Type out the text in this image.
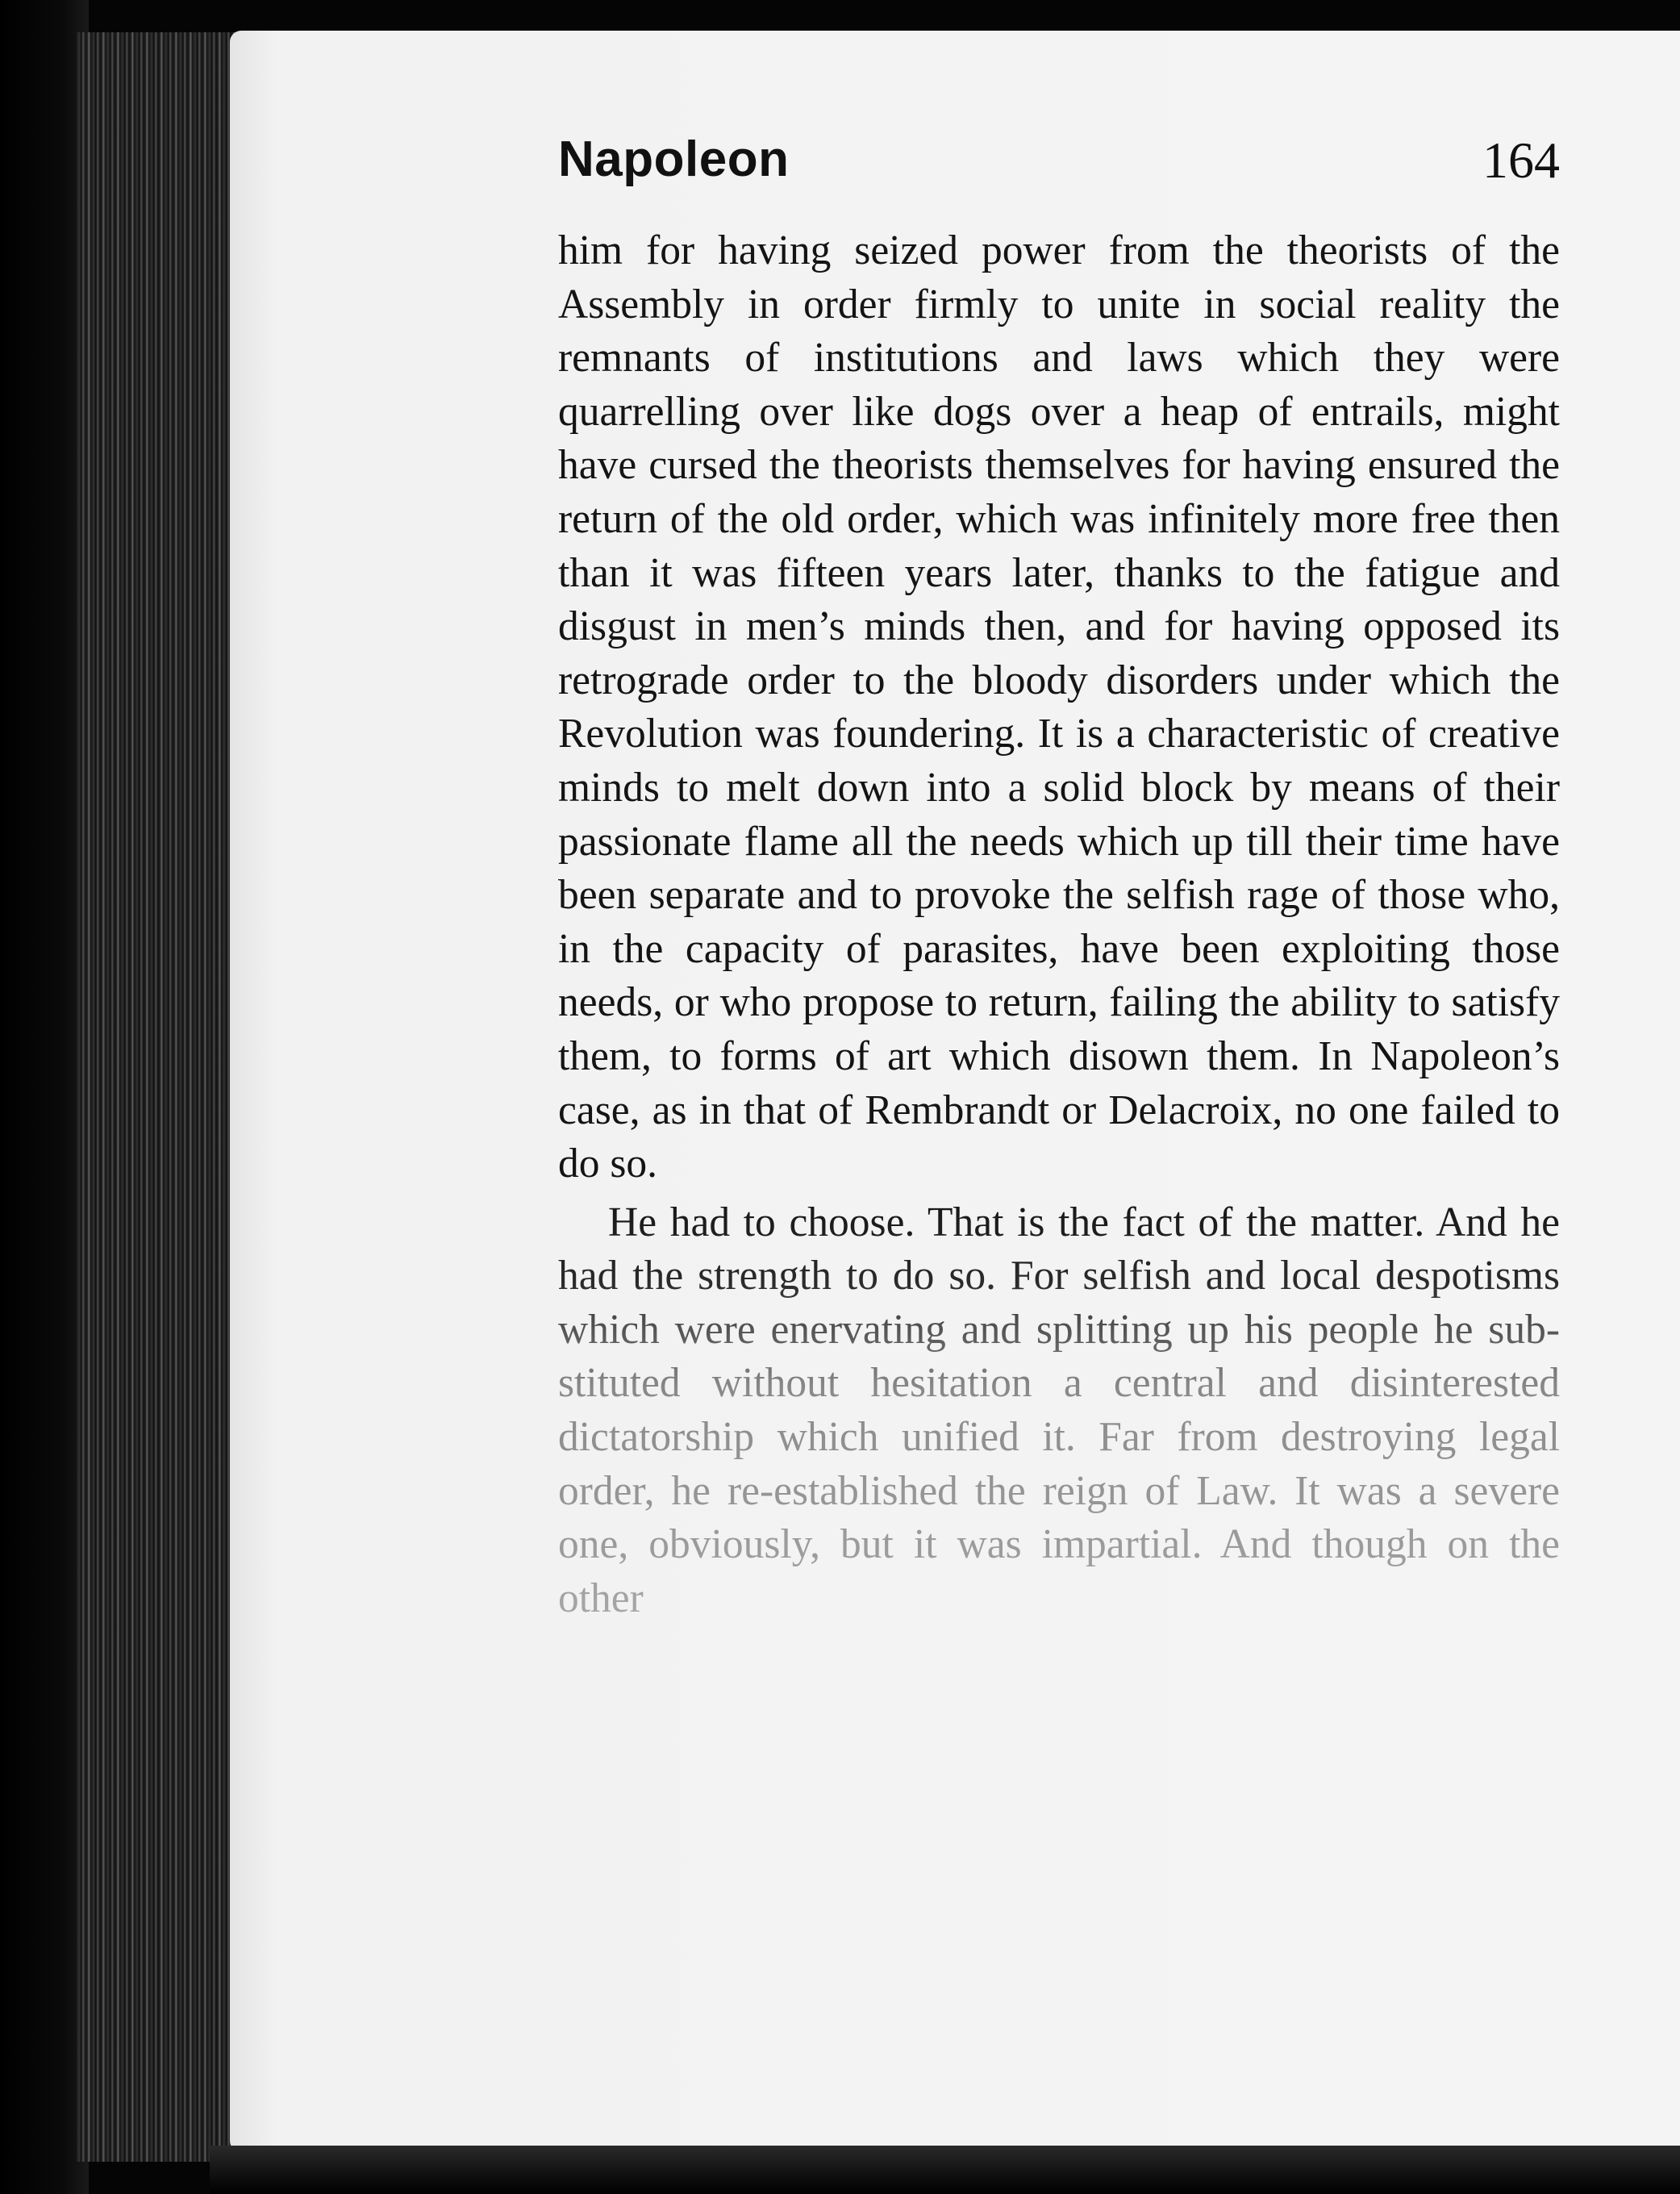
Napoleon	164

him for having seized power from the theorists of the Assembly in order firmly to unite in social reality the remnants of institutions and laws which they were quarrelling over like dogs over a heap of entrails, might have cursed the theorists themselves for having ensured the return of the old order, which was infinitely more free then than it was fifteen years later, thanks to the fatigue and disgust in men’s minds then, and for having opposed its retrograde order to the bloody disorders under which the Revolution was foundering. It is a characteristic of creative minds to melt down into a solid block by means of their passionate flame all the needs which up till their time have been separate and to provoke the selfish rage of those who, in the capacity of parasites, have been exploiting those needs, or who propose to return, failing the ability to satisfy them, to forms of art which disown them. In Napoleon’s case, as in that of Rembrandt or Delacroix, no one failed to do so.

He had to choose. That is the fact of the matter. And he had the strength to do so. For selfish and local despotisms which were enervating and splitting up his people he substituted without hesitation a central and disinterested dictatorship which unified it. Far from destroying legal order, he re-established the reign of Law. It was a severe one, obviously, but it was impartial. And though on the other
